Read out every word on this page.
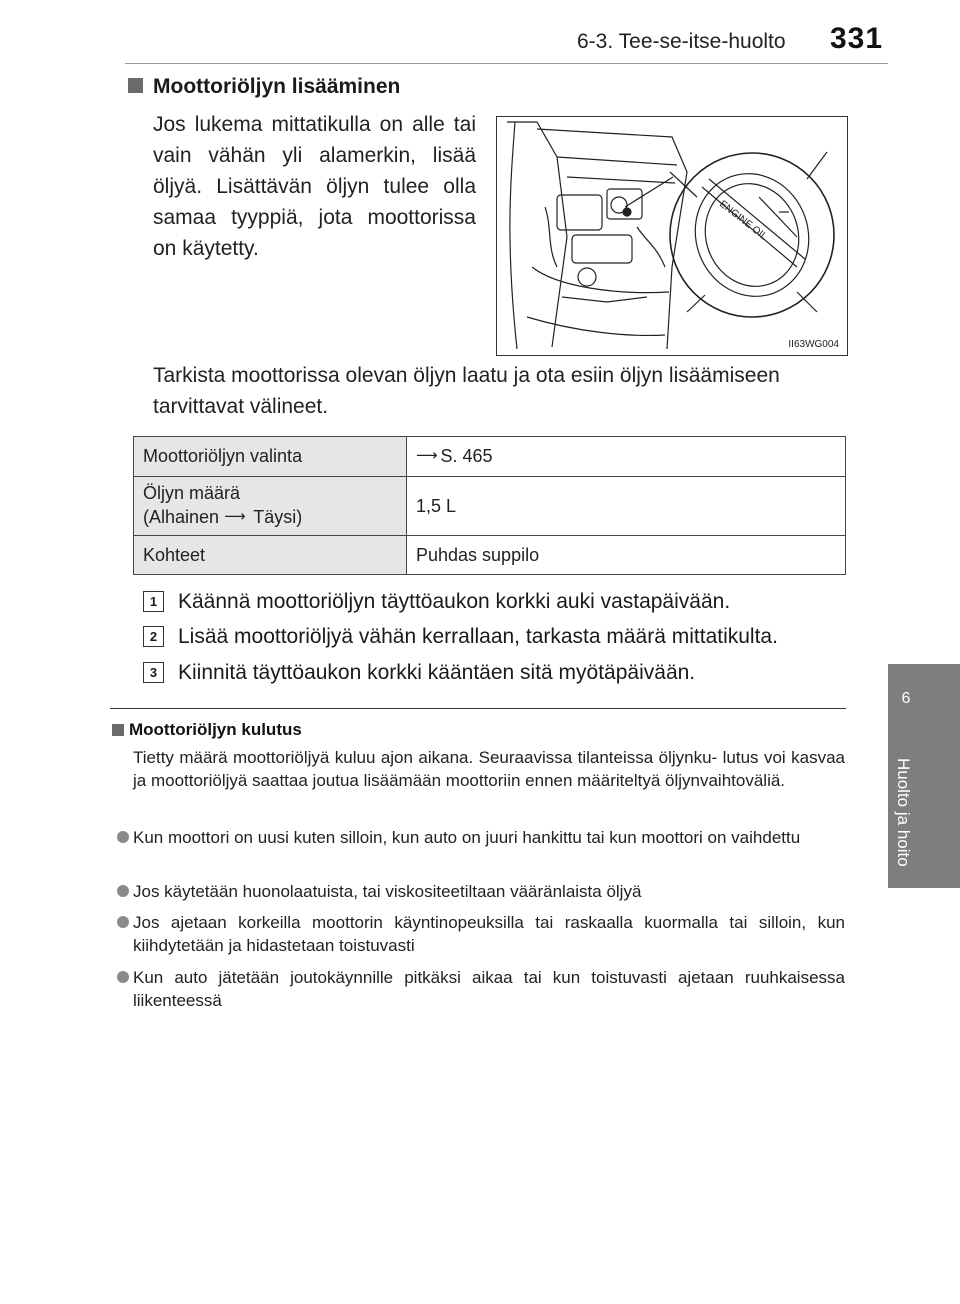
6-3. Tee-se-itse-huolto 331
6
Huolto ja hoito
Moottoriöljyn lisääminen
Jos lukema mittatikulla on alle tai vain vähän yli alamerkin, lisää öljyä. Lisättävän öljyn tulee olla samaa tyyppiä, jota moottorissa on käytetty.
ENGINE OIL
II63WG004
Tarkista moottorissa olevan öljyn laatu ja ota esiin öljyn lisäämiseen tarvittavat välineet.
Moottoriöljyn valinta	⟶ S. 465
Öljyn määrä
(Alhainen ⟶ Täysi)	1,5 L
Kohteet	Puhdas suppilo
1 Käännä moottoriöljyn täyttöaukon korkki auki vastapäivään.
2 Lisää moottoriöljyä vähän kerrallaan, tarkasta määrä mittatikulta.
3 Kiinnitä täyttöaukon korkki kääntäen sitä myötäpäivään.
Moottoriöljyn kulutus
Tietty määrä moottoriöljyä kuluu ajon aikana. Seuraavissa tilanteissa öljynku- lutus voi kasvaa ja moottoriöljyä saattaa joutua lisäämään moottoriin ennen määriteltyä öljynvaihtoväliä.
Kun moottori on uusi kuten silloin, kun auto on juuri hankittu tai kun moottori on vaihdettu
Jos käytetään huonolaatuista, tai viskositeetiltaan vääränlaista öljyä
Jos ajetaan korkeilla moottorin käyntinopeuksilla tai raskaalla kuormalla tai silloin, kun kiihdytetään ja hidastetaan toistuvasti
Kun auto jätetään joutokäynnille pitkäksi aikaa tai kun toistuvasti ajetaan ruuhkaisessa liikenteessä
